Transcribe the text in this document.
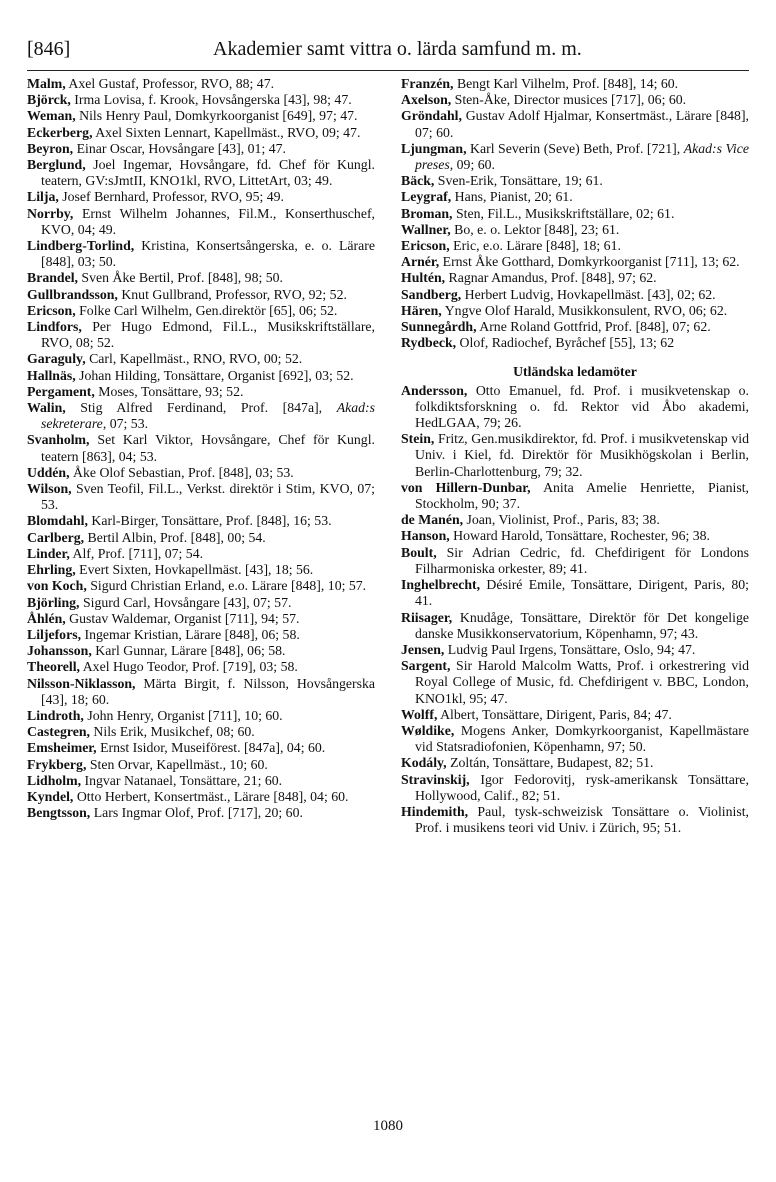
[846]	Akademier samt vittra o. lärda samfund m. m.

Malm, Axel Gustaf, Professor, RVO, 88; 47.

Björck, Irma Lovisa, f. Krook, Hovsångerska [43], 98; 47.

Weman, Nils Henry Paul, Domkyrkoorganist [649], 97; 47.

Eckerberg, Axel Sixten Lennart, Kapellmäst., RVO, 09; 47.

Beyron, Einar Oscar, Hovsångare [43], 01; 47.

Berglund, Joel Ingemar, Hovsångare, fd. Chef för Kungl. teatern, GV:sJmtII, KNO1kl, RVO, LittetArt, 03; 49.

Lilja, Josef Bernhard, Professor, RVO, 95; 49.

Norrby, Ernst Wilhelm Johannes, Fil.M., Konserthuschef, KVO, 04; 49.

Lindberg-Torlind, Kristina, Konsertsångerska, e. o. Lärare [848], 03; 50.

Brandel, Sven Åke Bertil, Prof. [848], 98; 50.

Gullbrandsson, Knut Gullbrand, Professor, RVO, 92; 52.

Ericson, Folke Carl Wilhelm, Gen.direktör [65], 06; 52.

Lindfors, Per Hugo Edmond, Fil.L., Musikskriftställare, RVO, 08; 52.

Garaguly, Carl, Kapellmäst., RNO, RVO, 00; 52.

Hallnäs, Johan Hilding, Tonsättare, Organist [692], 03; 52.

Pergament, Moses, Tonsättare, 93; 52.

Walin, Stig Alfred Ferdinand, Prof. [847a], Akad:s sekreterare, 07; 53.

Svanholm, Set Karl Viktor, Hovsångare, Chef för Kungl. teatern [863], 04; 53.

Uddén, Åke Olof Sebastian, Prof. [848], 03; 53.

Wilson, Sven Teofil, Fil.L., Verkst. direktör i Stim, KVO, 07; 53.

Blomdahl, Karl-Birger, Tonsättare, Prof. [848], 16; 53.

Carlberg, Bertil Albin, Prof. [848], 00; 54.

Linder, Alf, Prof. [711], 07; 54.

Ehrling, Evert Sixten, Hovkapellmäst. [43], 18; 56.

von Koch, Sigurd Christian Erland, e.o. Lärare [848], 10; 57.

Björling, Sigurd Carl, Hovsångare [43], 07; 57.

Åhlén, Gustav Waldemar, Organist [711], 94; 57.

Liljefors, Ingemar Kristian, Lärare [848], 06; 58.

Johansson, Karl Gunnar, Lärare [848], 06; 58.

Theorell, Axel Hugo Teodor, Prof. [719], 03; 58.

Nilsson-Niklasson, Märta Birgit, f. Nilsson, Hovsångerska [43], 18; 60.

Lindroth, John Henry, Organist [711], 10; 60.

Castegren, Nils Erik, Musikchef, 08; 60.

Emsheimer, Ernst Isidor, Museiförest. [847a], 04; 60.

Frykberg, Sten Orvar, Kapellmäst., 10; 60.

Lidholm, Ingvar Natanael, Tonsättare, 21; 60.

Kyndel, Otto Herbert, Konsertmäst., Lärare [848], 04; 60.

Bengtsson, Lars Ingmar Olof, Prof. [717], 20; 60.

Franzén, Bengt Karl Vilhelm, Prof. [848], 14; 60.

Axelson, Sten-Åke, Director musices [717], 06; 60.

Gröndahl, Gustav Adolf Hjalmar, Konsertmäst., Lärare [848], 07; 60.

Ljungman, Karl Severin (Seve) Beth, Prof. [721], Akad:s Vice preses, 09; 60.

Bäck, Sven-Erik, Tonsättare, 19; 61.

Leygraf, Hans, Pianist, 20; 61.

Broman, Sten, Fil.L., Musikskriftställare, 02; 61.

Wallner, Bo, e. o. Lektor [848], 23; 61.

Ericson, Eric, e.o. Lärare [848], 18; 61.

Arnér, Ernst Åke Gotthard, Domkyrkoorganist [711], 13; 62.

Hultén, Ragnar Amandus, Prof. [848], 97; 62.

Sandberg, Herbert Ludvig, Hovkapellmäst. [43], 02; 62.

Hären, Yngve Olof Harald, Musikkonsulent, RVO, 06; 62.

Sunnegårdh, Arne Roland Gottfrid, Prof. [848], 07; 62.

Rydbeck, Olof, Radiochef, Byråchef [55], 13; 62

Utländska ledamöter

Andersson, Otto Emanuel, fd. Prof. i musikvetenskap o. folkdiktsforskning o. fd. Rektor vid Åbo akademi, HedLGAA, 79; 26.

Stein, Fritz, Gen.musikdirektor, fd. Prof. i musikvetenskap vid Univ. i Kiel, fd. Direktör för Musikhögskolan i Berlin, Berlin-Charlottenburg, 79; 32.

von Hillern-Dunbar, Anita Amelie Henriette, Pianist, Stockholm, 90; 37.

de Manén, Joan, Violinist, Prof., Paris, 83; 38.

Hanson, Howard Harold, Tonsättare, Rochester, 96; 38.

Boult, Sir Adrian Cedric, fd. Chefdirigent för Londons Filharmoniska orkester, 89; 41.

Inghelbrecht, Désiré Emile, Tonsättare, Dirigent, Paris, 80; 41.

Riisager, Knudåge, Tonsättare, Direktör för Det kongelige danske Musikkonservatorium, Köpenhamn, 97; 43.

Jensen, Ludvig Paul Irgens, Tonsättare, Oslo, 94; 47.

Sargent, Sir Harold Malcolm Watts, Prof. i orkestrering vid Royal College of Music, fd. Chefdirigent v. BBC, London, KNO1kl, 95; 47.

Wolff, Albert, Tonsättare, Dirigent, Paris, 84; 47.

Wøldike, Mogens Anker, Domkyrkoorganist, Kapellmästare vid Statsradiofonien, Köpenhamn, 97; 50.

Kodály, Zoltán, Tonsättare, Budapest, 82; 51.

Stravinskij, Igor Fedorovitj, rysk-amerikansk Tonsättare, Hollywood, Calif., 82; 51.

Hindemith, Paul, tysk-schweizisk Tonsättare o. Violinist, Prof. i musikens teori vid Univ. i Zürich, 95; 51.

1080
